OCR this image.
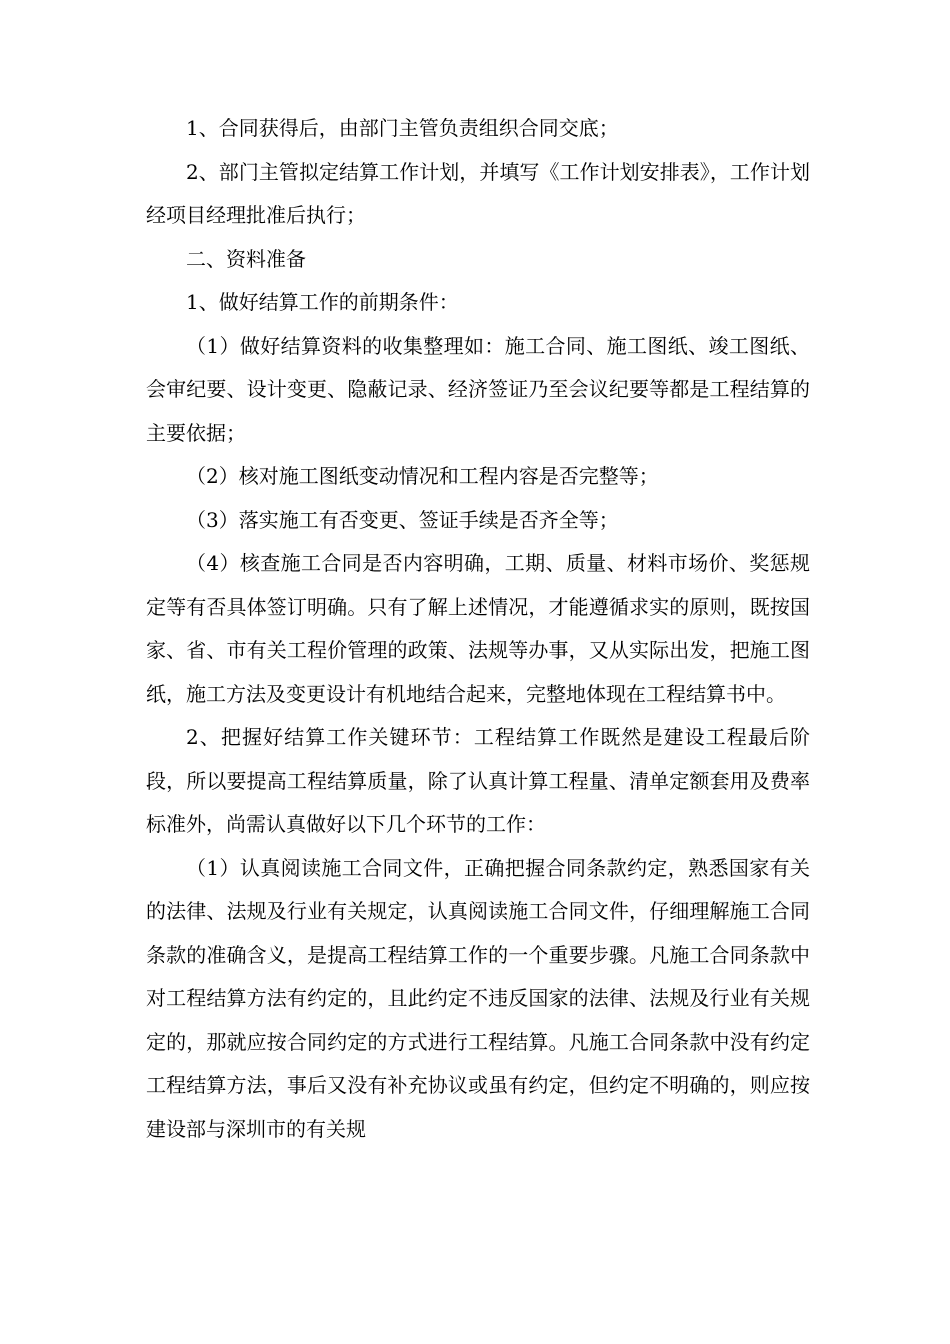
1、合同获得后，由部门主管负责组织合同交底；

2、部门主管拟定结算工作计划，并填写《工作计划安排表》，工作计划经项目经理批准后执行；

二、资料准备

1、做好结算工作的前期条件：

（1）做好结算资料的收集整理如：施工合同、施工图纸、竣工图纸、会审纪要、设计变更、隐蔽记录、经济签证乃至会议纪要等都是工程结算的主要依据；

（2）核对施工图纸变动情况和工程内容是否完整等；

（3）落实施工有否变更、签证手续是否齐全等；

（4）核查施工合同是否内容明确，工期、质量、材料市场价、奖惩规定等有否具体签订明确。只有了解上述情况，才能遵循求实的原则，既按国家、省、市有关工程价管理的政策、法规等办事，又从实际出发，把施工图纸，施工方法及变更设计有机地结合起来，完整地体现在工程结算书中。

2、把握好结算工作关键环节：工程结算工作既然是建设工程最后阶段，所以要提高工程结算质量，除了认真计算工程量、清单定额套用及费率标准外，尚需认真做好以下几个环节的工作：

（1）认真阅读施工合同文件，正确把握合同条款约定，熟悉国家有关的法律、法规及行业有关规定，认真阅读施工合同文件，仔细理解施工合同条款的准确含义，是提高工程结算工作的一个重要步骤。凡施工合同条款中对工程结算方法有约定的，且此约定不违反国家的法律、法规及行业有关规定的，那就应按合同约定的方式进行工程结算。凡施工合同条款中没有约定工程结算方法，事后又没有补充协议或虽有约定，但约定不明确的，则应按建设部与深圳市的有关规
